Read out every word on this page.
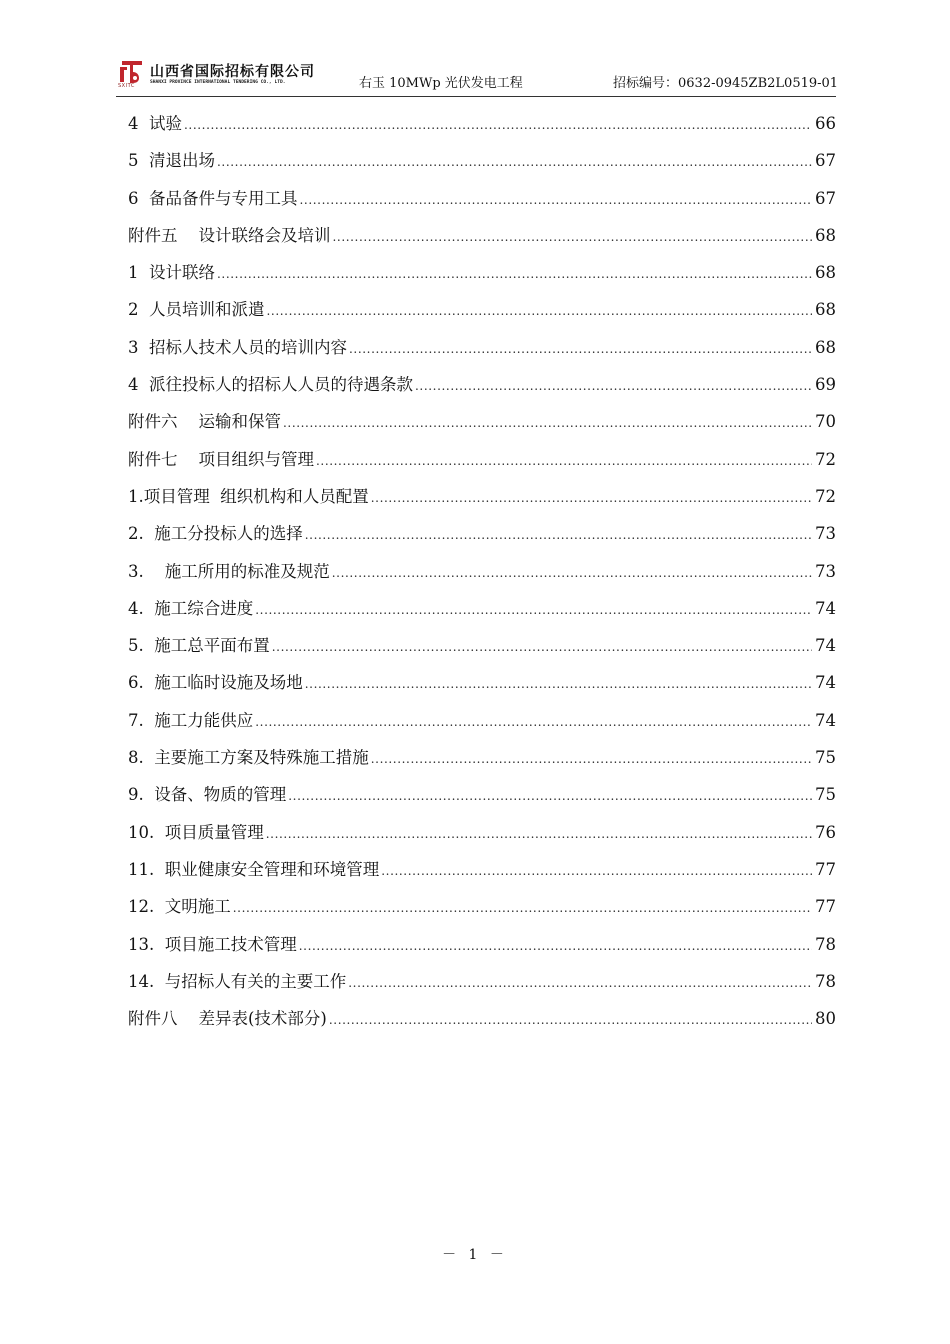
SXITC
山西省国际招标有限公司
SHANXI PROVINCE INTERNATIONAL TENDERING CO., LTD.	右玉 10MWp 光伏发电工程	招标编号：0632-0945ZB2L0519-01
4  试验 .....	66
5  清退出场 .....	67
6  备品备件与专用工具 .....	67
附件五    设计联络会及培训 .....	68
1  设计联络 .....	68
2  人员培训和派遣 .....	68
3  招标人技术人员的培训内容 .....	68
4  派往投标人的招标人人员的待遇条款 .....	69
附件六    运输和保管 .....	70
附件七    项目组织与管理 .....	72
1.项目管理  组织机构和人员配置 .....	72
2.  施工分投标人的选择 .....	73
3.    施工所用的标准及规范 .....	73
4.  施工综合进度 .....	74
5.  施工总平面布置 .....	74
6.  施工临时设施及场地 .....	74
7.  施工力能供应 .....	74
8.  主要施工方案及特殊施工措施 .....	75
9.  设备、物质的管理 .....	75
10.  项目质量管理 .....	76
11.  职业健康安全管理和环境管理 .....	77
12.  文明施工 .....	77
13.  项目施工技术管理 .....	78
14.  与招标人有关的主要工作 .....	78
附件八    差异表(技术部分) .....	80
－ 1 －
